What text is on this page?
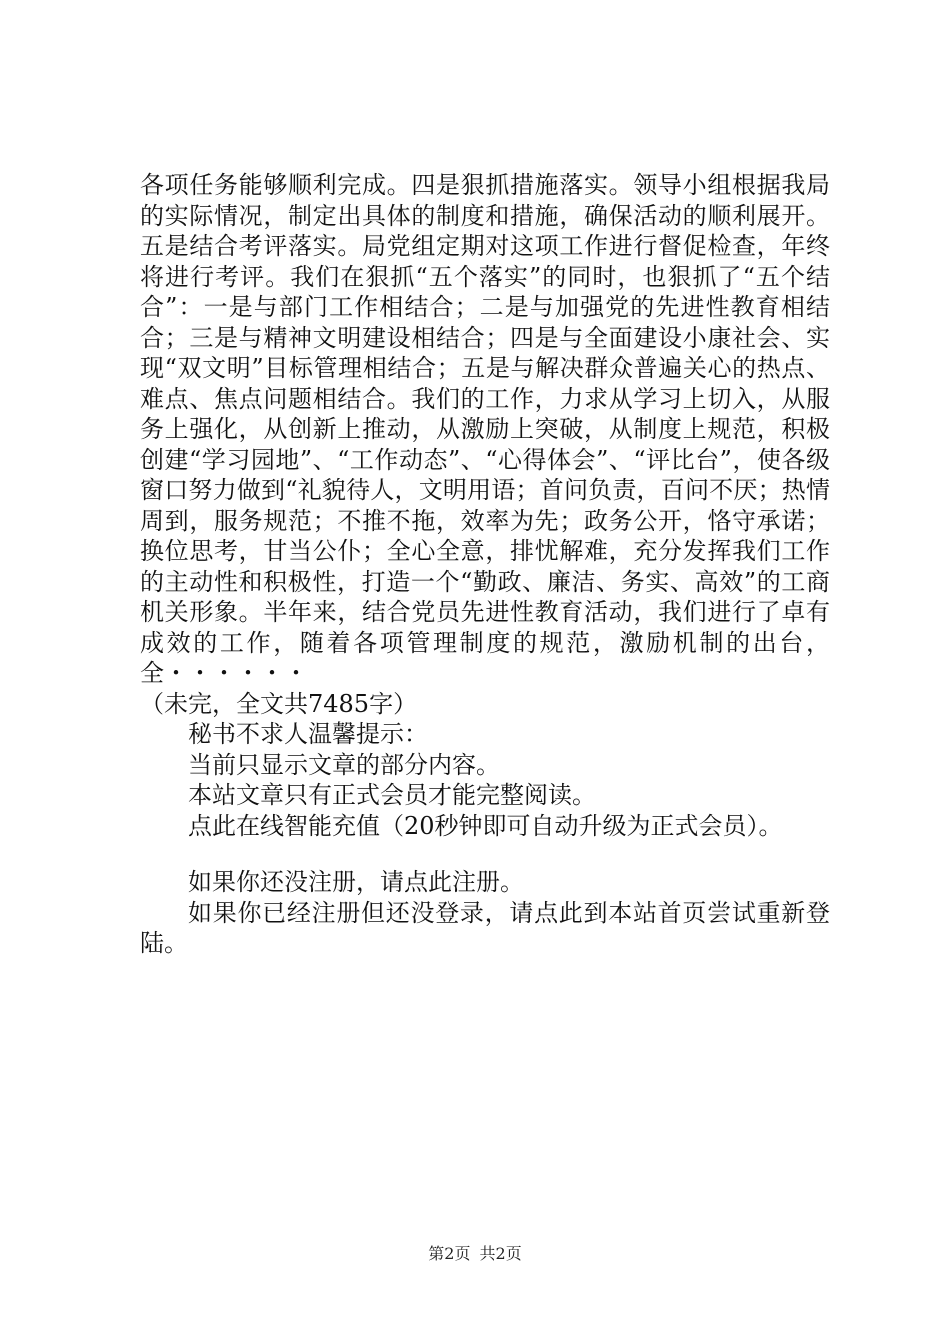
各项任务能够顺利完成。四是狠抓措施落实。领导小组根据我局的实际情况，制定出具体的制度和措施，确保活动的顺利展开。五是结合考评落实。局党组定期对这项工作进行督促检查，年终将进行考评。我们在狠抓“五个落实”的同时，也狠抓了“五个结合”：一是与部门工作相结合；二是与加强党的先进性教育相结合；三是与精神文明建设相结合；四是与全面建设小康社会、实现“双文明”目标管理相结合；五是与解决群众普遍关心的热点、难点、焦点问题相结合。我们的工作，力求从学习上切入，从服务上强化，从创新上推动，从激励上突破，从制度上规范，积极创建“学习园地”、“工作动态”、“心得体会”、“评比台”，使各级窗口努力做到“礼貌待人，文明用语；首问负责，百问不厌；热情周到，服务规范；不推不拖，效率为先；政务公开，恪守承诺；换位思考，甘当公仆；全心全意，排忧解难，充分发挥我们工作的主动性和积极性，打造一个“勤政、廉洁、务实、高效”的工商机关形象。半年来，结合党员先进性教育活动，我们进行了卓有成效的工作，随着各项管理制度的规范，激励机制的出台，全・・・・・・

（未完，全文共7485字）

秘书不求人温馨提示：

当前只显示文章的部分内容。

本站文章只有正式会员才能完整阅读。

点此在线智能充值（20秒钟即可自动升级为正式会员）。

如果你还没注册，请点此注册。

如果你已经注册但还没登录，请点此到本站首页尝试重新登陆。

第2页 共2页
